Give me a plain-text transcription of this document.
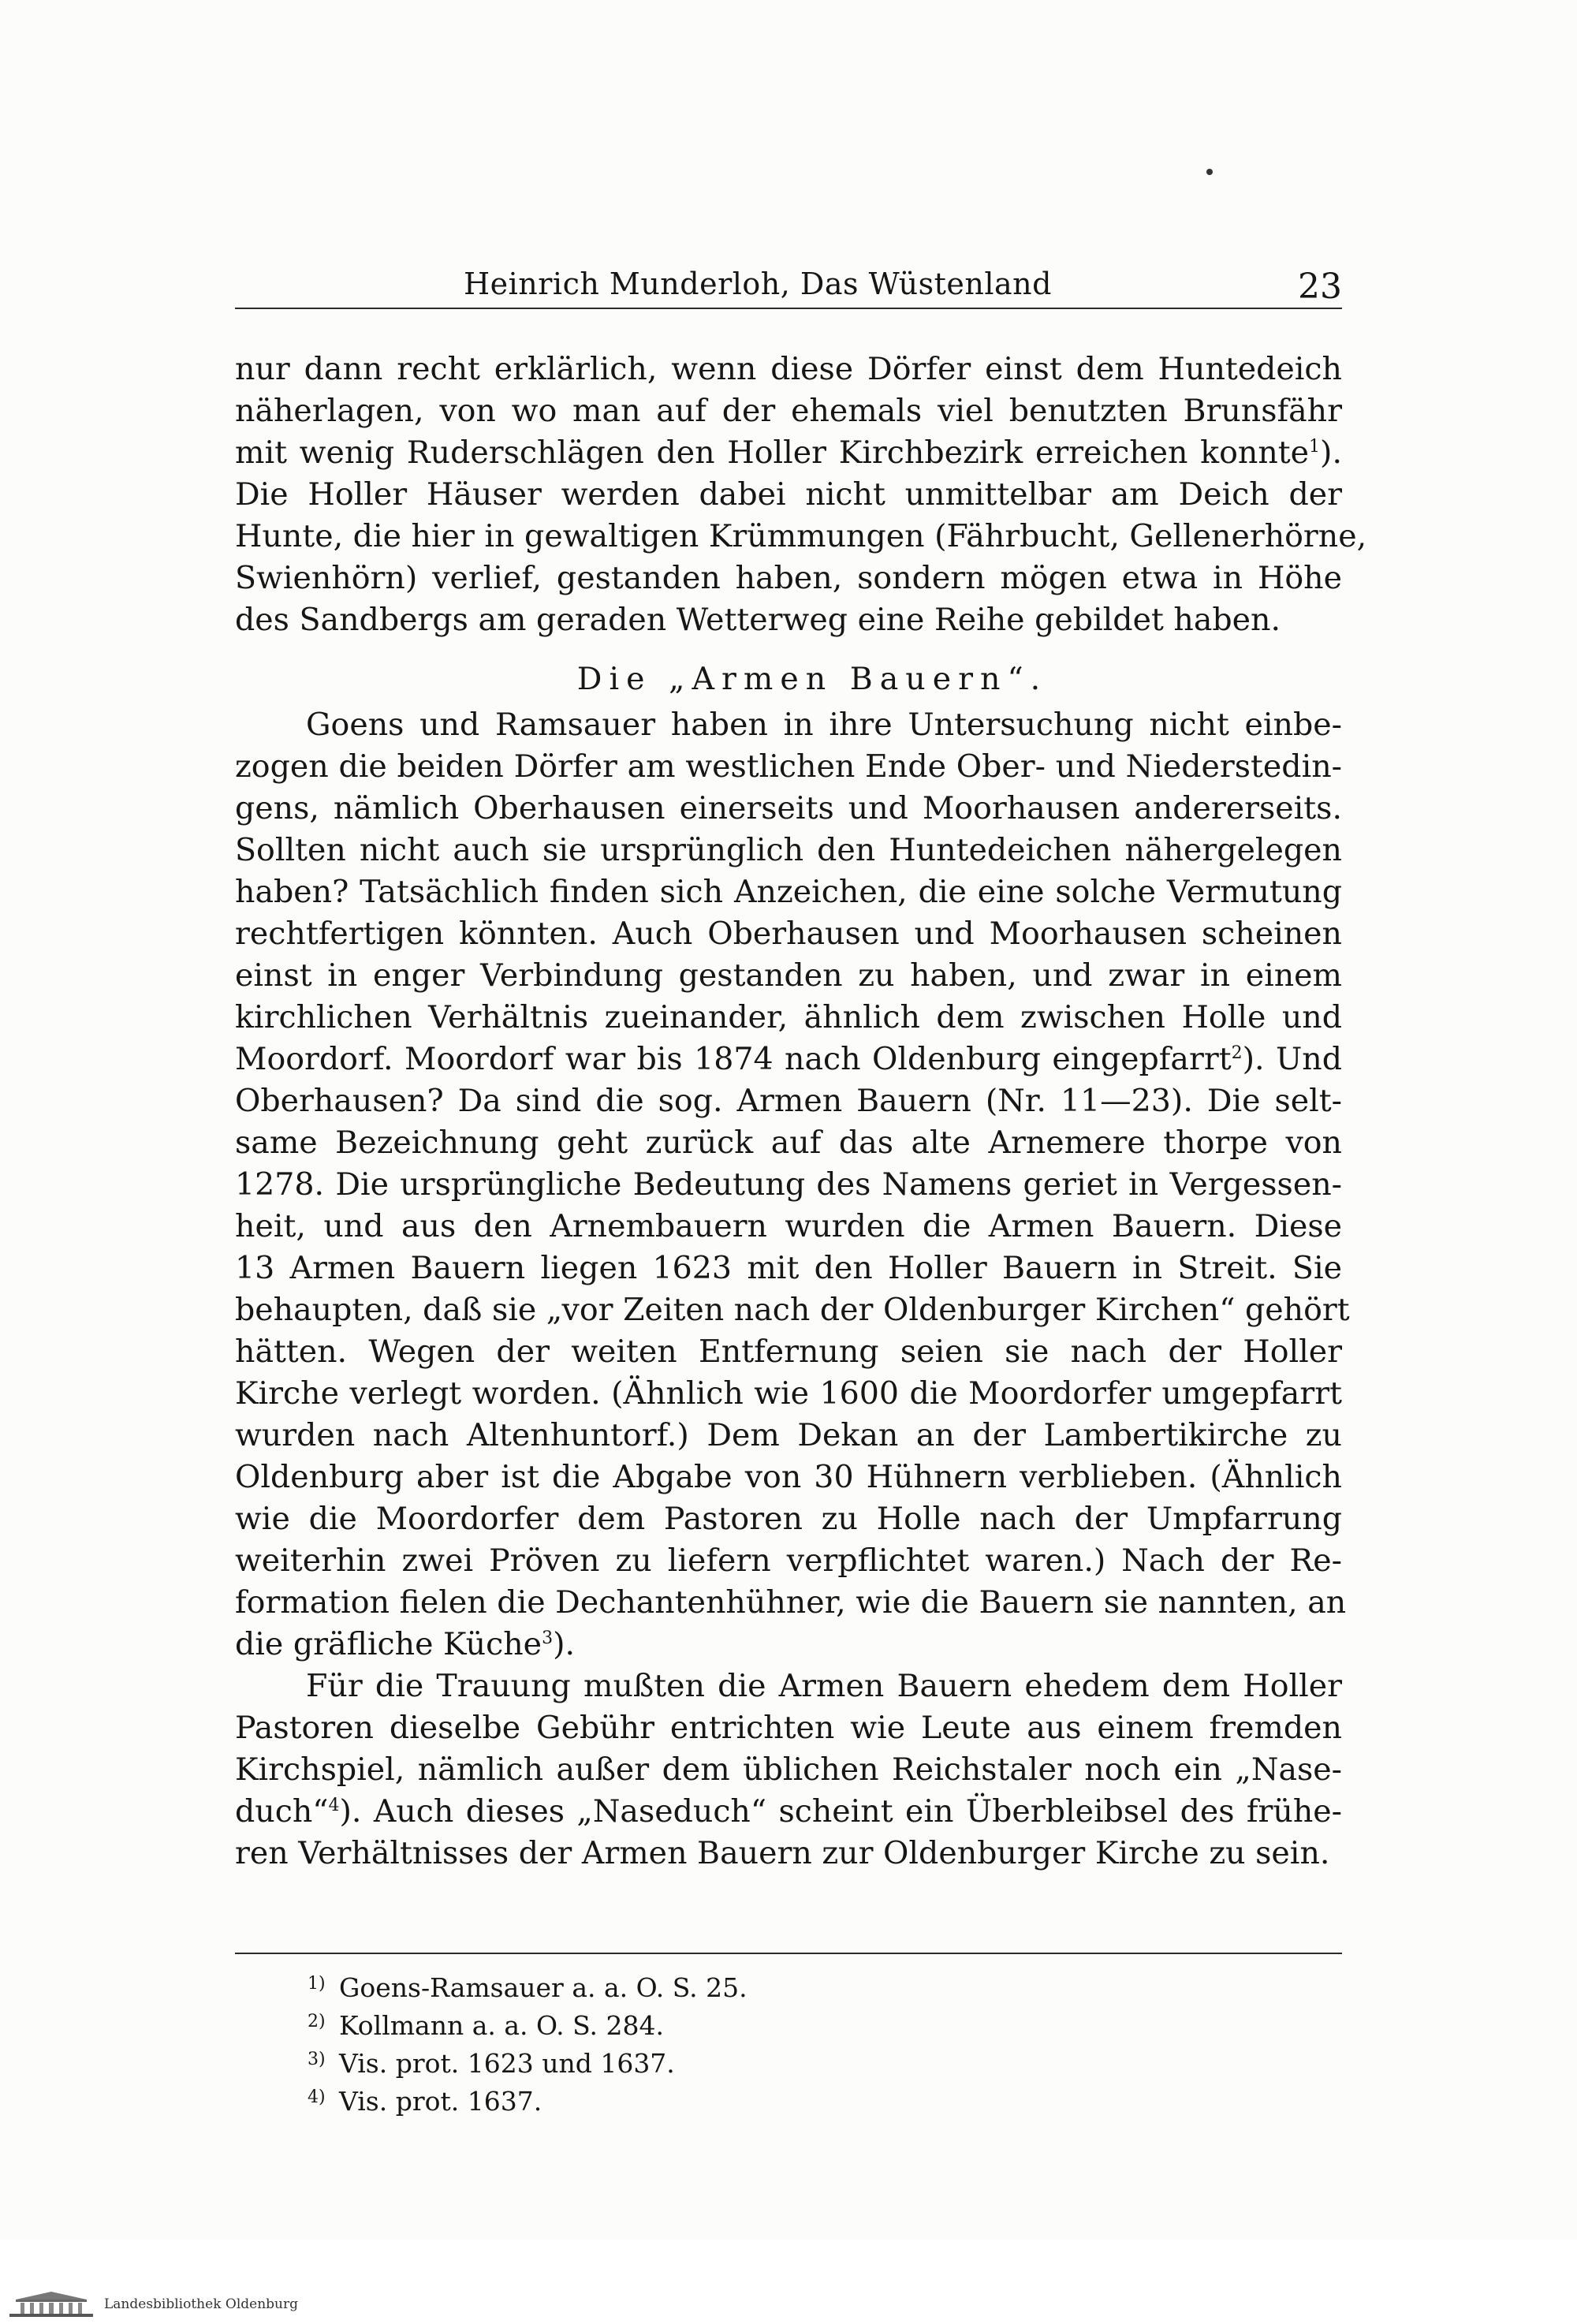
Heinrich Munderloh, Das Wüstenland	23
nur dann recht erklärlich, wenn diese Dörfer einst dem Huntedeich
näherlagen, von wo man auf der ehemals viel benutzten Brunsfähr
mit wenig Ruderschlägen den Holler Kirchbezirk erreichen konnte$^1$).
Die Holler Häuser werden dabei nicht unmittelbar am Deich der
Hunte, die hier in gewaltigen Krümmungen (Fährbucht, Gellenerhörne,
Swienhörn) verlief, gestanden haben, sondern mögen etwa in Höhe
des Sandbergs am geraden Wetterweg eine Reihe gebildet haben.
Die „Armen Bauern“.
Goens und Ramsauer haben in ihre Untersuchung nicht einbe-
zogen die beiden Dörfer am westlichen Ende Ober- und Niederstedin-
gens, nämlich Oberhausen einerseits und Moorhausen andererseits.
Sollten nicht auch sie ursprünglich den Huntedeichen nähergelegen
haben? Tatsächlich finden sich Anzeichen, die eine solche Vermutung
rechtfertigen könnten. Auch Oberhausen und Moorhausen scheinen
einst in enger Verbindung gestanden zu haben, und zwar in einem
kirchlichen Verhältnis zueinander, ähnlich dem zwischen Holle und
Moordorf. Moordorf war bis 1874 nach Oldenburg eingepfarrt$^2$). Und
Oberhausen? Da sind die sog. Armen Bauern (Nr. 11—23). Die selt-
same Bezeichnung geht zurück auf das alte Arnemere thorpe von
1278. Die ursprüngliche Bedeutung des Namens geriet in Vergessen-
heit, und aus den Arnembauern wurden die Armen Bauern. Diese
13 Armen Bauern liegen 1623 mit den Holler Bauern in Streit. Sie
behaupten, daß sie „vor Zeiten nach der Oldenburger Kirchen“ gehört
hätten. Wegen der weiten Entfernung seien sie nach der Holler
Kirche verlegt worden. (Ähnlich wie 1600 die Moordorfer umgepfarrt
wurden nach Altenhuntorf.) Dem Dekan an der Lambertikirche zu
Oldenburg aber ist die Abgabe von 30 Hühnern verblieben. (Ähnlich
wie die Moordorfer dem Pastoren zu Holle nach der Umpfarrung
weiterhin zwei Pröven zu liefern verpflichtet waren.) Nach der Re-
formation fielen die Dechantenhühner, wie die Bauern sie nannten, an
die gräfliche Küche$^3$).
Für die Trauung mußten die Armen Bauern ehedem dem Holler
Pastoren dieselbe Gebühr entrichten wie Leute aus einem fremden
Kirchspiel, nämlich außer dem üblichen Reichstaler noch ein „Nase-
duch“$^4$). Auch dieses „Naseduch“ scheint ein Überbleibsel des frühe-
ren Verhältnisses der Armen Bauern zur Oldenburger Kirche zu sein.
1) Goens-Ramsauer a. a. O. S. 25.
2) Kollmann a. a. O. S. 284.
3) Vis. prot. 1623 und 1637.
4) Vis. prot. 1637.
Landesbibliothek Oldenburg
